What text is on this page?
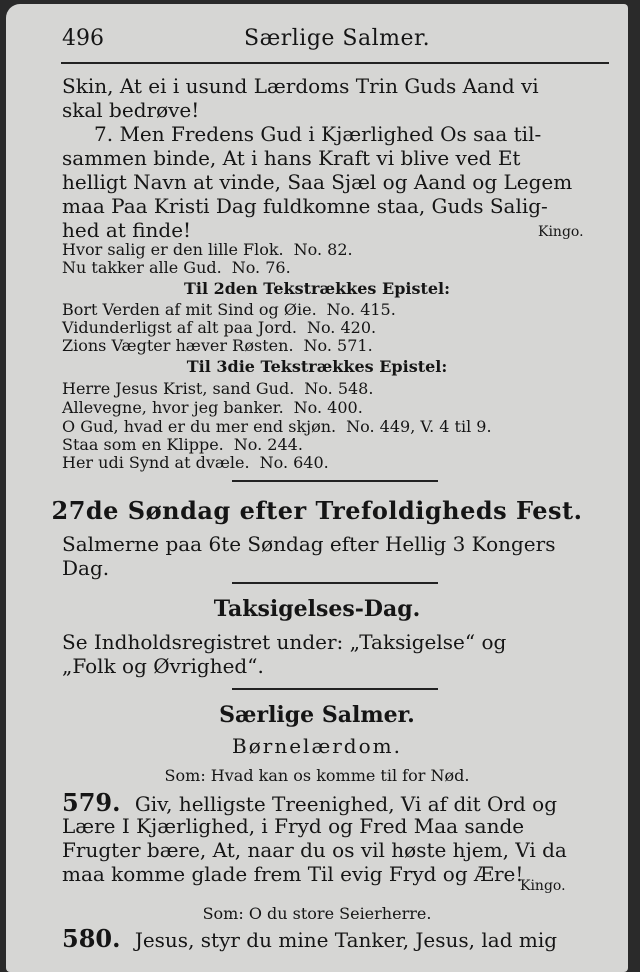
496	Særlige Salmer.
Skin, At ei i usund Lærdoms Trin Guds Aand vi
skal bedrøve!
7. Men Fredens Gud i Kjærlighed Os saa til-
sammen binde, At i hans Kraft vi blive ved Et
helligt Navn at vinde, Saa Sjæl og Aand og Legem
maa Paa Kristi Dag fuldkomne staa, Guds Salig-
hed at finde!	Kingo.
Hvor salig er den lille Flok. No. 82.
Nu takker alle Gud. No. 76.
Til 2den Tekstrækkes Epistel:
Bort Verden af mit Sind og Øie. No. 415.
Vidunderligst af alt paa Jord. No. 420.
Zions Vægter hæver Røsten. No. 571.
Til 3die Tekstrækkes Epistel:
Herre Jesus Krist, sand Gud. No. 548.
Allevegne, hvor jeg banker. No. 400.
O Gud, hvad er du mer end skjøn. No. 449, V. 4 til 9.
Staa som en Klippe. No. 244.
Her udi Synd at dvæle. No. 640.
27de Søndag efter Trefoldigheds Fest.
Salmerne paa 6te Søndag efter Hellig 3 Kongers
Dag.
Taksigelses-Dag.
Se Indholdsregistret under: „Taksigelse“ og
„Folk og Øvrighed“.
Særlige Salmer.
Børnelærdom.
Som: Hvad kan os komme til for Nød.
579. Giv, helligste Treenighed, Vi af dit Ord og
Lære I Kjærlighed, i Fryd og Fred Maa sande
Frugter bære, At, naar du os vil høste hjem, Vi da
maa komme glade frem Til evig Fryd og Ære!
Kingo.
Som: O du store Seierherre.
580. Jesus, styr du mine Tanker, Jesus, lad mig
